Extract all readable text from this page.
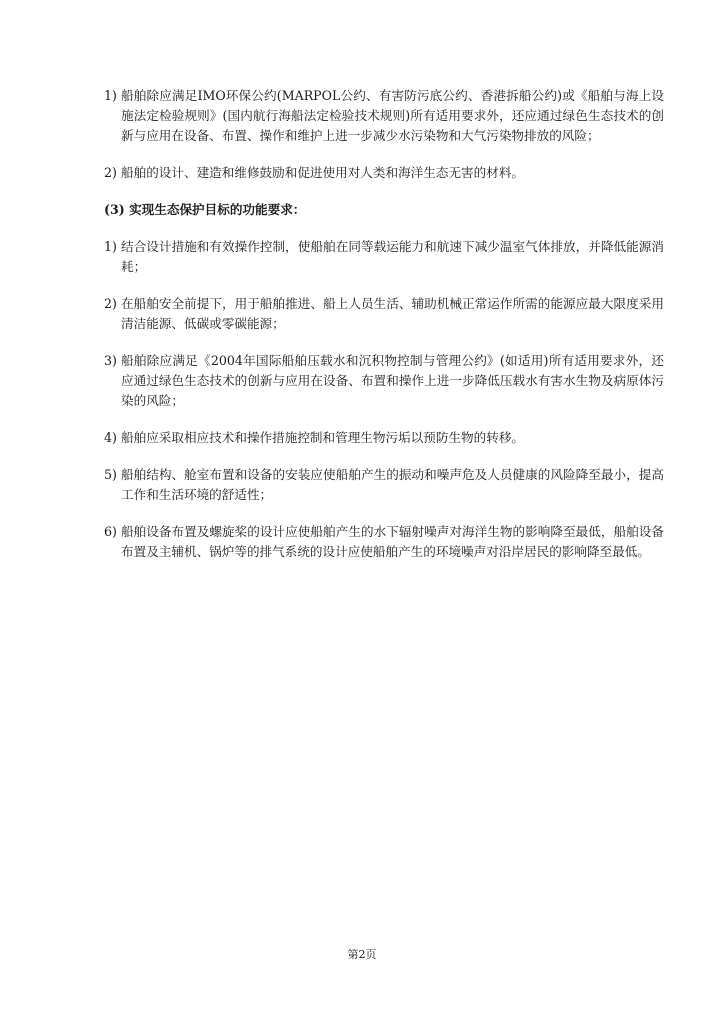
1) 船舶除应满足IMO环保公约(MARPOL公约、有害防污底公约、香港拆船公约)或《船舶与海上设施法定检验规则》(国内航行海船法定检验技术规则)所有适用要求外，还应通过绿色生态技术的创新与应用在设备、布置、操作和维护上进一步减少水污染物和大气污染物排放的风险；
2) 船舶的设计、建造和维修鼓励和促进使用对人类和海洋生态无害的材料。
(3) 实现生态保护目标的功能要求：
1) 结合设计措施和有效操作控制，使船舶在同等载运能力和航速下减少温室气体排放，并降低能源消耗；
2) 在船舶安全前提下，用于船舶推进、船上人员生活、辅助机械正常运作所需的能源应最大限度采用清洁能源、低碳或零碳能源；
3) 船舶除应满足《2004年国际船舶压载水和沉积物控制与管理公约》(如适用)所有适用要求外，还应通过绿色生态技术的创新与应用在设备、布置和操作上进一步降低压载水有害水生物及病原体污染的风险；
4) 船舶应采取相应技术和操作措施控制和管理生物污垢以预防生物的转移。
5) 船舶结构、舱室布置和设备的安装应使船舶产生的振动和噪声危及人员健康的风险降至最小，提高工作和生活环境的舒适性；
6) 船舶设备布置及螺旋桨的设计应使船舶产生的水下辐射噪声对海洋生物的影响降至最低，船舶设备布置及主辅机、锅炉等的排气系统的设计应使船舶产生的环境噪声对沿岸居民的影响降至最低。
第2页
